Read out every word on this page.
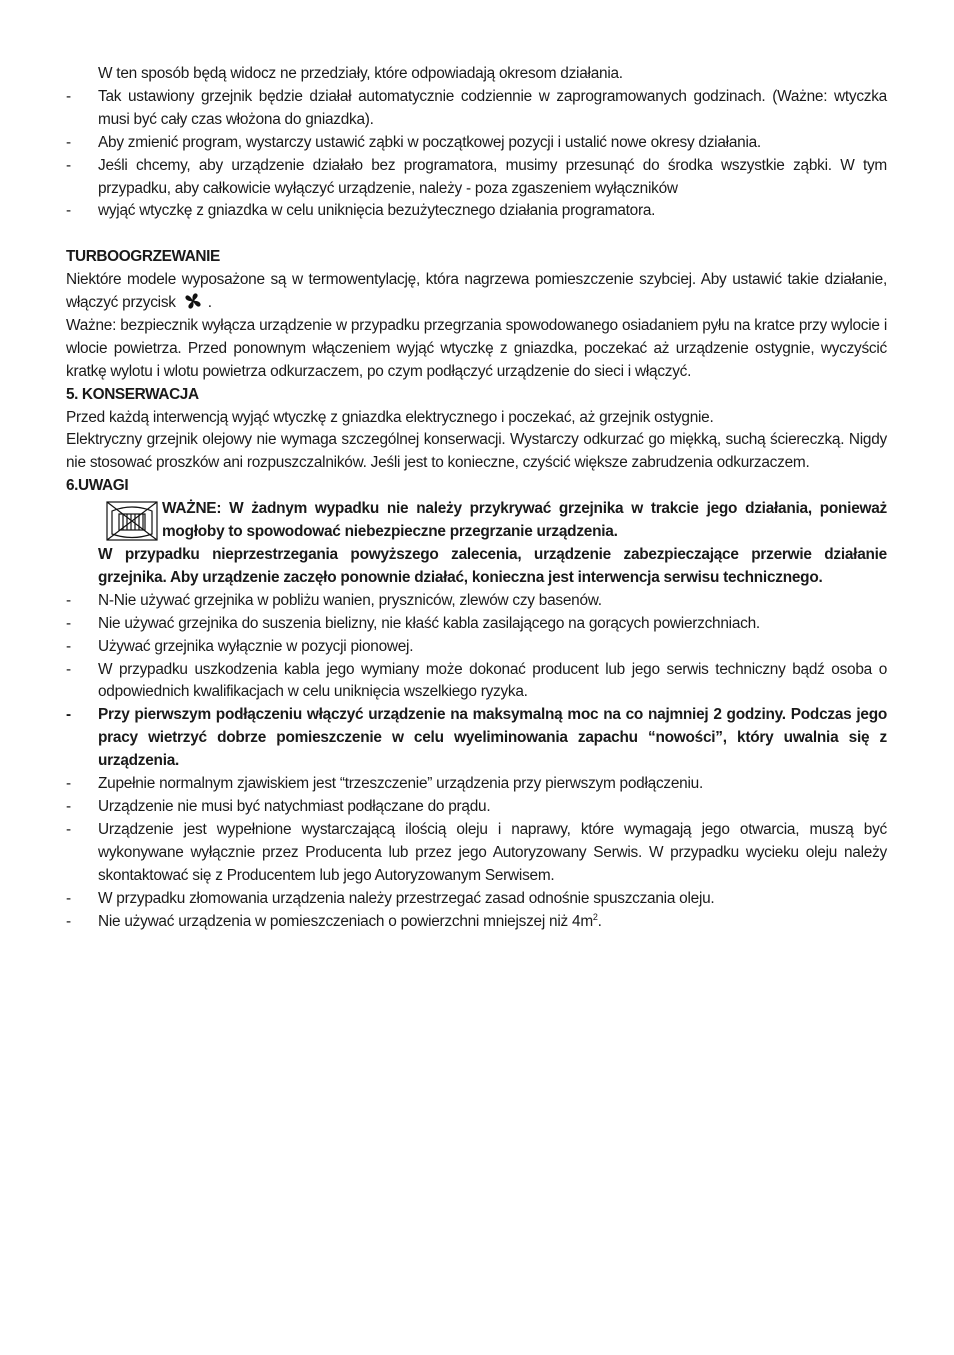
W ten sposób będą widocz ne przedziały, które odpowiadają okresom działania.
- Tak ustawiony grzejnik będzie działał automatycznie codziennie w zaprogramowanych godzinach. (Ważne: wtyczka musi być cały czas włożona do gniazdka).
- Aby zmienić program, wystarczy ustawić ząbki w początkowej pozycji i ustalić nowe okresy działania.
- Jeśli chcemy, aby urządzenie działało bez programatora, musimy przesunąć do środka wszystkie ząbki. W tym przypadku, aby całkowicie wyłączyć urządzenie, należy - poza zgaszeniem wyłączników
- wyjąć wtyczkę z gniazdka w celu uniknięcia bezużytecznego działania programatora.
TURBOOGRZEWANIE
Niektóre modele wyposażone są w termowentylację, która nagrzewa pomieszczenie szybciej. Aby ustawić takie działanie, włączyć przycisk .
Ważne: bezpiecznik wyłącza urządzenie w przypadku przegrzania spowodowanego osiadaniem pyłu na kratce przy wylocie i wlocie powietrza. Przed ponownym włączeniem wyjąć wtyczkę z gniazdka, poczekać aż urządzenie ostygnie, wyczyścić kratkę wylotu i wlotu powietrza odkurzaczem, po czym podłączyć urządzenie do sieci i włączyć.
5. KONSERWACJA
Przed każdą interwencją wyjąć wtyczkę z gniazdka elektrycznego i poczekać, aż grzejnik ostygnie.
Elektryczny grzejnik olejowy nie wymaga szczególnej konserwacji. Wystarczy odkurzać go miękką, suchą ściereczką. Nigdy nie stosować proszków ani rozpuszczalników. Jeśli jest to konieczne, czyścić większe zabrudzenia odkurzaczem.
6.UWAGI
WAŻNE: W żadnym wypadku nie należy przykrywać grzejnika w trakcie jego działania, ponieważ mogłoby to spowodować niebezpieczne przegrzanie urządzenia.
W przypadku nieprzestrzegania powyższego zalecenia, urządzenie zabezpieczające przerwie działanie grzejnika. Aby urządzenie zaczęło ponownie działać, konieczna jest interwencja serwisu technicznego.
- N-Nie używać grzejnika w pobliżu wanien, pryszniców, zlewów czy basenów.
- Nie używać grzejnika do suszenia bielizny, nie kłaść kabla zasilającego na gorących powierzchniach.
- Używać grzejnika wyłącznie w pozycji pionowej.
- W przypadku uszkodzenia kabla jego wymiany może dokonać producent lub jego serwis techniczny bądź osoba o odpowiednich kwalifikacjach w celu uniknięcia wszelkiego ryzyka.
- Przy pierwszym podłączeniu włączyć urządzenie na maksymalną moc na co najmniej 2 godziny. Podczas jego pracy wietrzyć dobrze pomieszczenie w celu wyeliminowania zapachu “nowości”, który uwalnia się z urządzenia.
- Zupełnie normalnym zjawiskiem jest “trzeszczenie” urządzenia przy pierwszym podłączeniu.
- Urządzenie nie musi być natychmiast podłączane do prądu.
- Urządzenie jest wypełnione wystarczającą ilością oleju i naprawy, które wymagają jego otwarcia, muszą być wykonywane wyłącznie przez Producenta lub przez jego Autoryzowany Serwis. W przypadku wycieku oleju należy skontaktować się z Producentem lub jego Autoryzowanym Serwisem.
- W przypadku złomowania urządzenia należy przestrzegać zasad odnośnie spuszczania oleju.
- Nie używać urządzenia w pomieszczeniach o powierzchni mniejszej niż $4m^2$.
